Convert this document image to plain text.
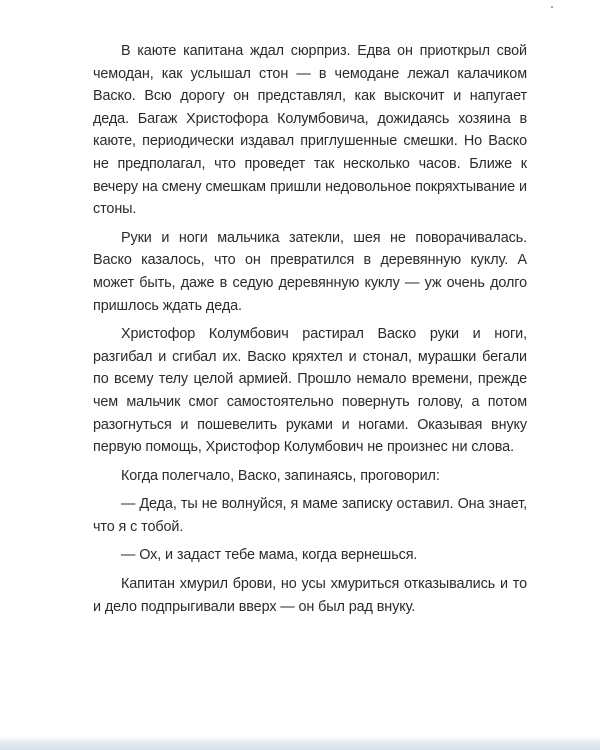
В каюте капитана ждал сюрприз. Едва он приоткрыл свой чемодан, как услышал стон — в чемодане лежал калачиком Васко. Всю дорогу он представлял, как выскочит и напугает деда. Багаж Христофора Колумбовича, дожидаясь хозяина в каюте, периодически издавал приглушенные смешки. Но Васко не предполагал, что проведет так несколько часов. Ближе к вечеру на смену смешкам пришли недовольное покряхтывание и стоны.

Руки и ноги мальчика затекли, шея не поворачивалась. Васко казалось, что он превратился в деревянную куклу. А может быть, даже в седую деревянную куклу — уж очень долго пришлось ждать деда.

Христофор Колумбович растирал Васко руки и ноги, разгибал и сгибал их. Васко кряхтел и стонал, мурашки бегали по всему телу целой армией. Прошло немало времени, прежде чем мальчик смог самостоятельно повернуть голову, а потом разогнуться и пошевелить руками и ногами. Оказывая внуку первую помощь, Христофор Колумбович не произнес ни слова.

Когда полегчало, Васко, запинаясь, проговорил:

— Деда, ты не волнуйся, я маме записку оставил. Она знает, что я с тобой.

— Ох, и задаст тебе мама, когда вернешься.

Капитан хмурил брови, но усы хмуриться отказывались и то и дело подпрыгивали вверх — он был рад внуку.
